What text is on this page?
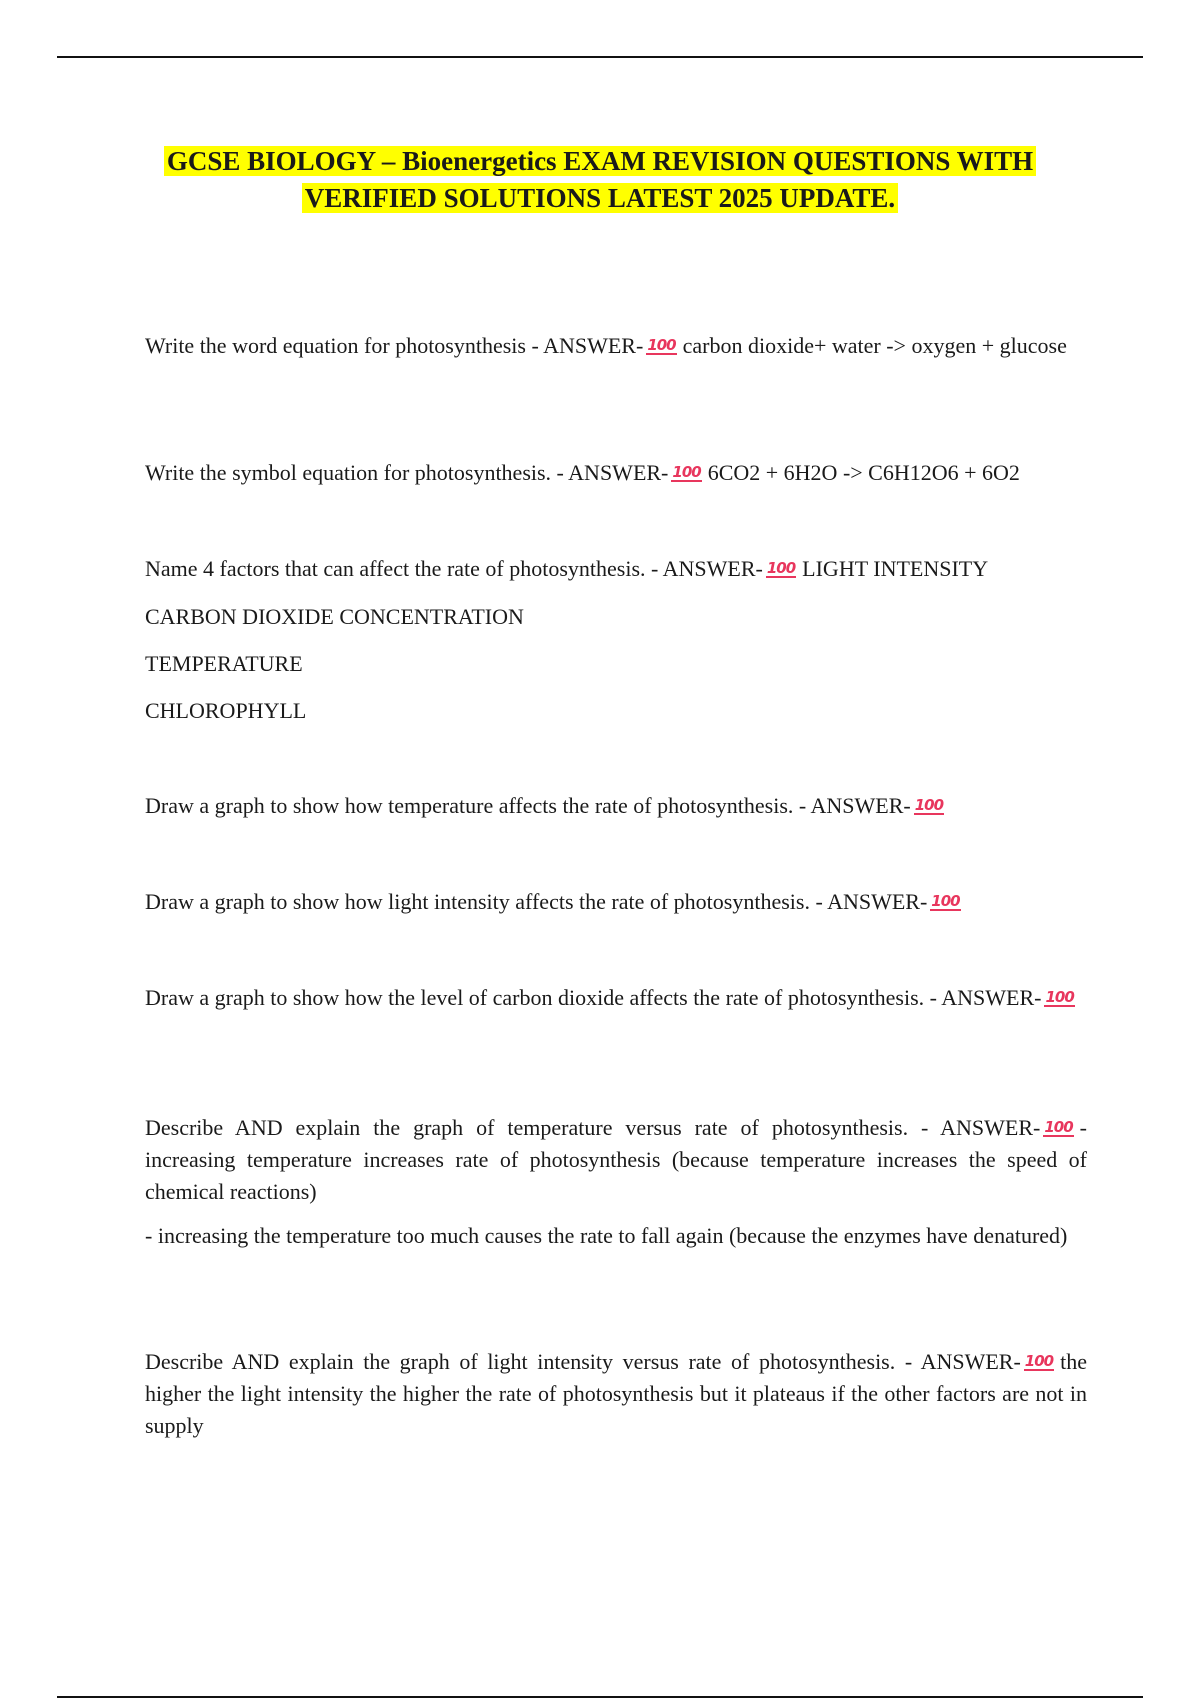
GCSE BIOLOGY – Bioenergetics EXAM REVISION QUESTIONS WITH
VERIFIED SOLUTIONS LATEST 2025 UPDATE.
Write the word equation for photosynthesis - ANSWER- 100 carbon dioxide+ water -> oxygen + glucose
Write the symbol equation for photosynthesis. - ANSWER- 100 6CO2 + 6H2O -> C6H12O6 + 6O2
Name 4 factors that can affect the rate of photosynthesis. - ANSWER- 100 LIGHT INTENSITY
CARBON DIOXIDE CONCENTRATION
TEMPERATURE
CHLOROPHYLL
Draw a graph to show how temperature affects the rate of photosynthesis. - ANSWER- 100
Draw a graph to show how light intensity affects the rate of photosynthesis. - ANSWER- 100
Draw a graph to show how the level of carbon dioxide affects the rate of photosynthesis. - ANSWER- 100
Describe AND explain the graph of temperature versus rate of photosynthesis. - ANSWER- 100 - increasing temperature increases rate of photosynthesis (because temperature increases the speed of chemical reactions)
- increasing the temperature too much causes the rate to fall again (because the enzymes have denatured)
Describe AND explain the graph of light intensity versus rate of photosynthesis. - ANSWER- 100 the higher the light intensity the higher the rate of photosynthesis but it plateaus if the other factors are not in supply
